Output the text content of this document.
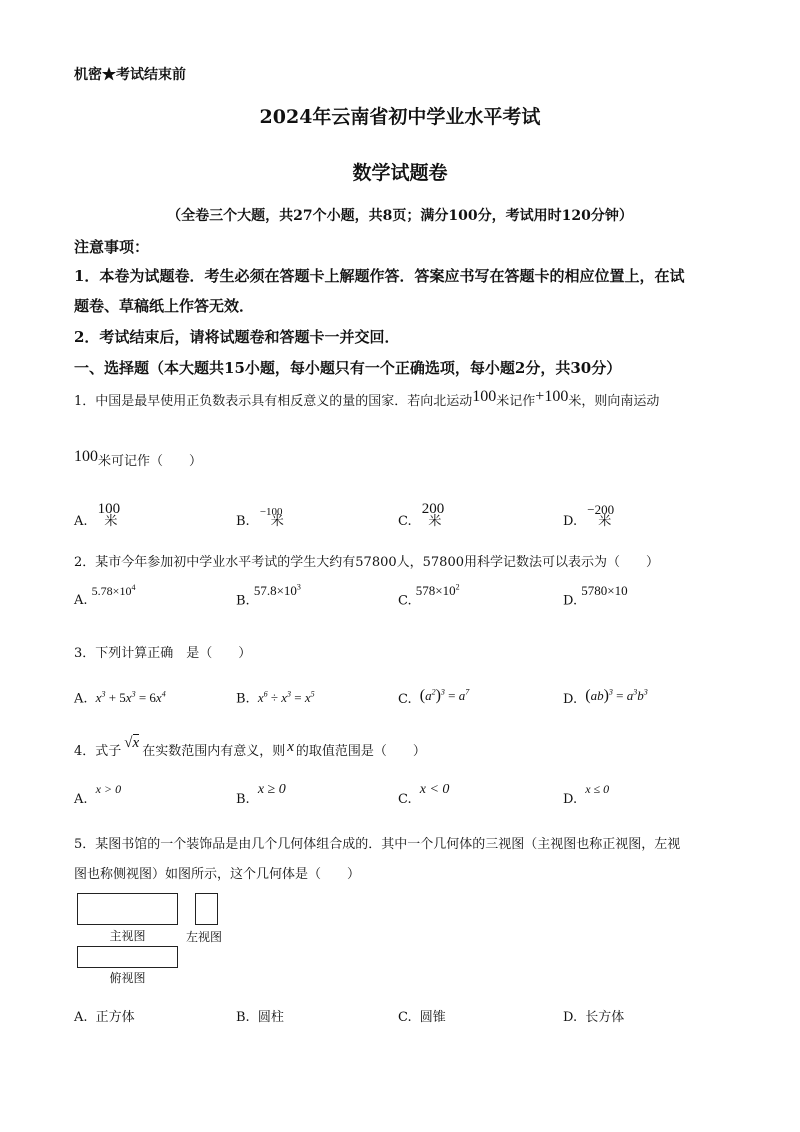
机密★考试结束前
2024年云南省初中学业水平考试
数学试题卷
（全卷三个大题，共27个小题，共8页；满分100分，考试用时120分钟）
注意事项：
1．本卷为试题卷．考生必须在答题卡上解题作答．答案应书写在答题卡的相应位置上，在试
题卷、草稿纸上作答无效．
2．考试结束后，请将试题卷和答题卡一并交回．
一、选择题（本大题共15小题，每小题只有一个正确选项，每小题2分，共30分）
1．中国是最早使用正负数表示具有相反意义的量的国家．若向北运动100米记作+100米，则向南运动
100米可记作（　　）
A. 100 米	B. $^{-100}$ 米	C. 200 米	D. −200 米
2．某市今年参加初中学业水平考试的学生大约有57800人，57800用科学记数法可以表示为（　　）
A. $5.78\times 10^4$
B. $57.8\times 10^3$
C. $578\times 10^2$
D. 5780×10
3．下列计算正确　是（　　）
A. $x^3 + 5x^3 = 6x^4$	B. $x^6 \div x^3 = x^5$	C. $(a^2)^3 = a^7$	D. $(ab)^3 = a^3b^3$
4．式子√x在实数范围内有意义，则 x 的取值范围是（　　）
A. x > 0
B. x ≥ 0
C. x < 0
D. x ≤ 0
5．某图书馆的一个装饰品是由几个几何体组合成的．其中一个几何体的三视图（主视图也称正视图，左视
图也称侧视图）如图所示，这个几何体是（　　）
主视图	左视图
俯视图
A. 正方体	B. 圆柱	C. 圆锥	D. 长方体
